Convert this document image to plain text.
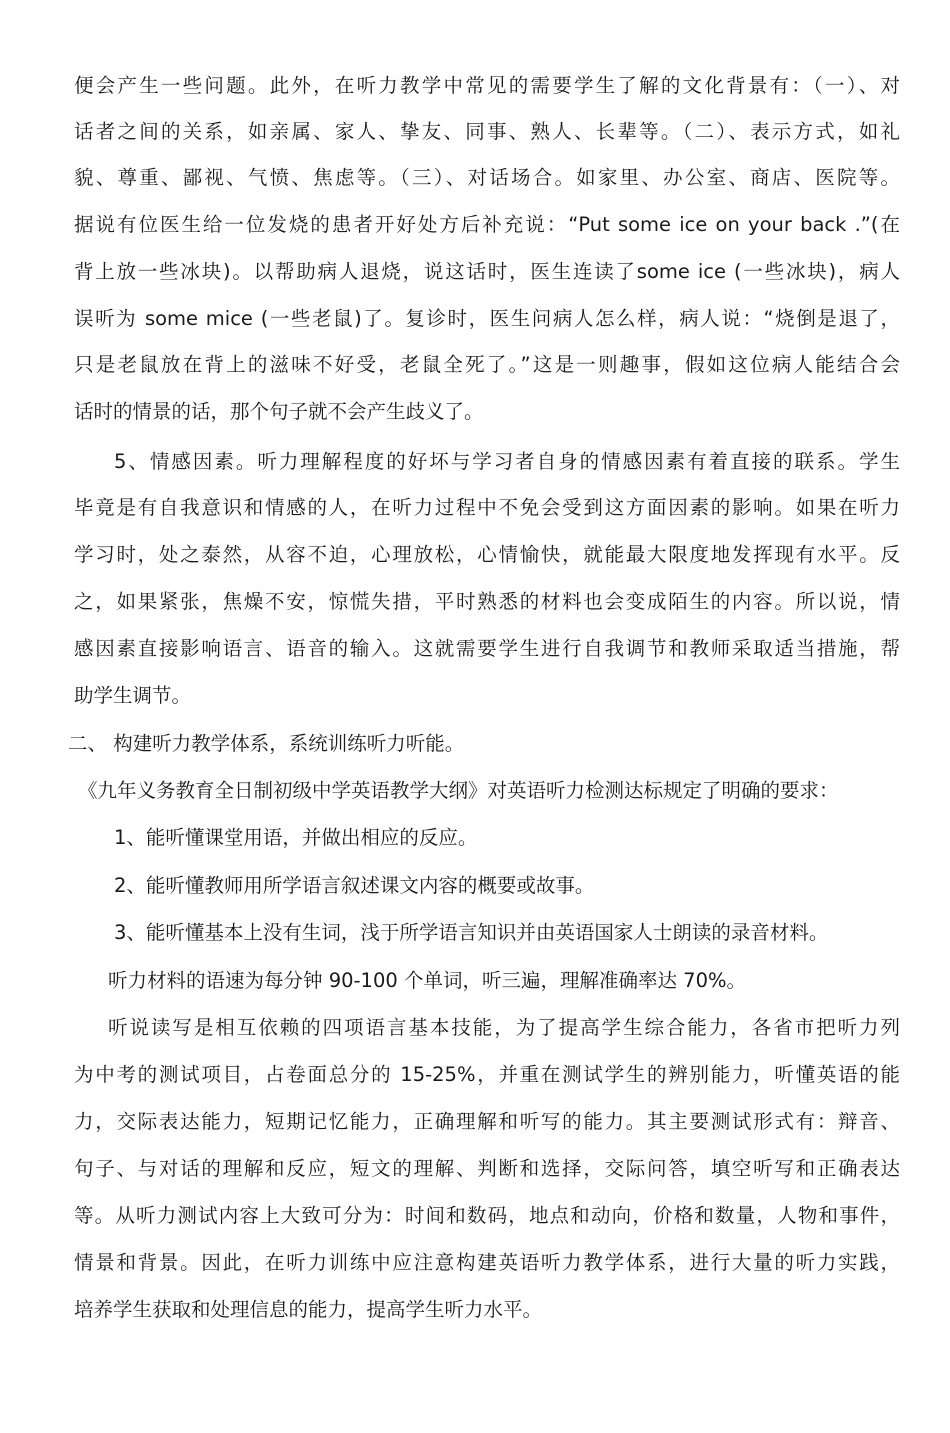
便会产生一些问题。此外，在听力教学中常见的需要学生了解的文化背景有：（一）、对
话者之间的关系，如亲属、家人、挚友、同事、熟人、长辈等。（二）、表示方式，如礼
貌、尊重、鄙视、气愤、焦虑等。（三）、对话场合。如家里、办公室、商店、医院等。
据说有位医生给一位发烧的患者开好处方后补充说：“Put some ice on your back .”(在
背上放一些冰块)。以帮助病人退烧，说这话时，医生连读了some ice (一些冰块)，病人
误听为 some mice (一些老鼠)了。复诊时，医生问病人怎么样，病人说：“烧倒是退了，
只是老鼠放在背上的滋味不好受，老鼠全死了。”这是一则趣事，假如这位病人能结合会
话时的情景的话，那个句子就不会产生歧义了。
5、情感因素。听力理解程度的好坏与学习者自身的情感因素有着直接的联系。学生
毕竟是有自我意识和情感的人，在听力过程中不免会受到这方面因素的影响。如果在听力
学习时，处之泰然，从容不迫，心理放松，心情愉快，就能最大限度地发挥现有水平。反
之，如果紧张，焦燥不安，惊慌失措，平时熟悉的材料也会变成陌生的内容。所以说，情
感因素直接影响语言、语音的输入。这就需要学生进行自我调节和教师采取适当措施，帮
助学生调节。
二、 构建听力教学体系，系统训练听力听能。
《九年义务教育全日制初级中学英语教学大纲》对英语听力检测达标规定了明确的要求：
1、能听懂课堂用语，并做出相应的反应。
2、能听懂教师用所学语言叙述课文内容的概要或故事。
3、能听懂基本上没有生词，浅于所学语言知识并由英语国家人士朗读的录音材料。
听力材料的语速为每分钟 90-100 个单词，听三遍，理解准确率达 70%。
听说读写是相互依赖的四项语言基本技能，为了提高学生综合能力，各省市把听力列
为中考的测试项目，占卷面总分的 15-25%，并重在测试学生的辨别能力，听懂英语的能
力，交际表达能力，短期记忆能力，正确理解和听写的能力。其主要测试形式有：辩音、
句子、与对话的理解和反应，短文的理解、判断和选择，交际问答，填空听写和正确表达
等。从听力测试内容上大致可分为：时间和数码，地点和动向，价格和数量，人物和事件，
情景和背景。因此，在听力训练中应注意构建英语听力教学体系，进行大量的听力实践，
培养学生获取和处理信息的能力，提高学生听力水平。
